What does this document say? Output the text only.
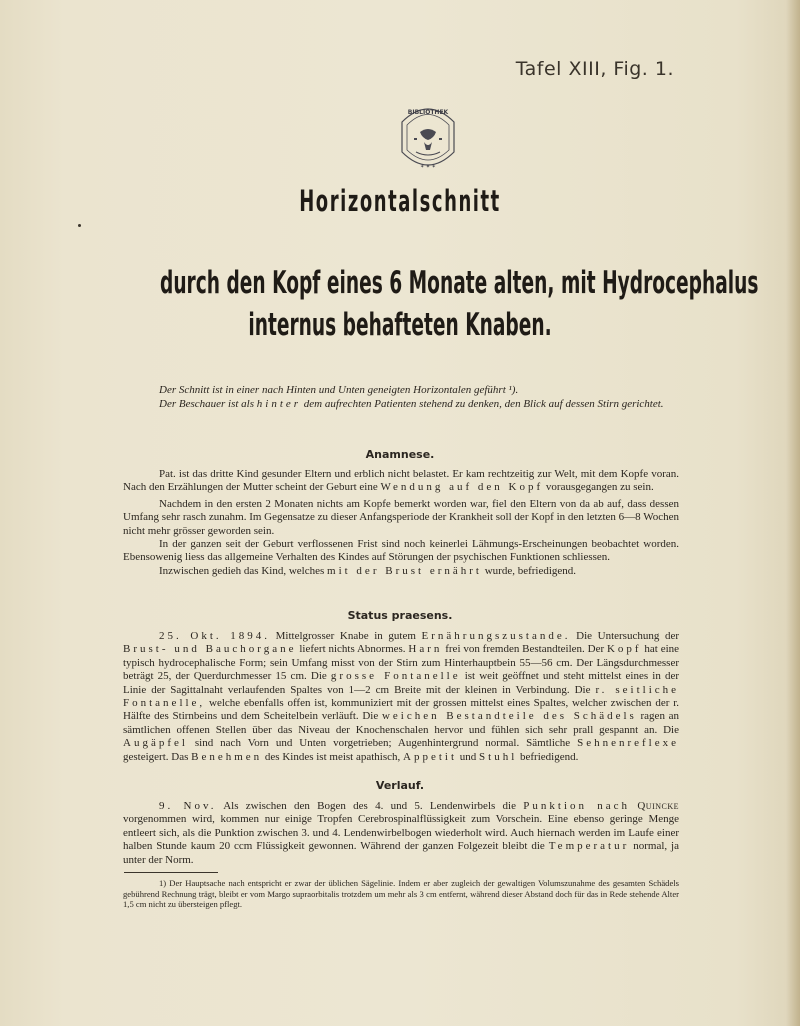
Tafel XIII, Fig. 1.
BIBLIOTHEK
✶ ✶ ✶
Horizontalschnitt
durch den Kopf eines 6 Monate alten, mit Hydrocephalus
internus behafteten Knaben.

Der Schnitt ist in einer nach Hinten und Unten geneigten Horizontalen geführt ¹).

Der Beschauer ist als hinter dem aufrechten Patienten stehend zu denken, den Blick auf dessen Stirn gerichtet.

Anamnese.

Pat. ist das dritte Kind gesunder Eltern und erblich nicht belastet. Er kam rechtzeitig zur Welt, mit dem Kopfe voran. Nach den Erzählungen der Mutter scheint der Geburt eine Wendung auf den Kopf vorausgegangen zu sein.

Nachdem in den ersten 2 Monaten nichts am Kopfe bemerkt worden war, fiel den Eltern von da ab auf, dass dessen Umfang sehr rasch zunahm. Im Gegensatze zu dieser Anfangsperiode der Krankheit soll der Kopf in den letzten 6—8 Wochen nicht mehr grösser geworden sein.

In der ganzen seit der Geburt verflossenen Frist sind noch keinerlei Lähmungs-Erscheinungen beobachtet worden. Ebensowenig liess das allgemeine Verhalten des Kindes auf Störungen der psychischen Funktionen schliessen.

Inzwischen gedieh das Kind, welches mit der Brust ernährt wurde, befriedigend.

Status praesens.

25. Okt. 1894. Mittelgrosser Knabe in gutem Ernährungszustande. Die Untersuchung der Brust- und Bauchorgane liefert nichts Abnormes. Harn frei von fremden Bestandteilen. Der Kopf hat eine typisch hydrocephalische Form; sein Umfang misst von der Stirn zum Hinterhauptbein 55—56 cm. Der Längsdurchmesser beträgt 25, der Querdurchmesser 15 cm. Die grosse Fontanelle ist weit geöffnet und steht mittelst eines in der Linie der Sagittalnaht verlaufenden Spaltes von 1—2 cm Breite mit der kleinen in Verbindung. Die r. seitliche Fontanelle, welche ebenfalls offen ist, kommuniziert mit der grossen mittelst eines Spaltes, welcher zwischen der r. Hälfte des Stirnbeins und dem Scheitelbein verläuft. Die weichen Bestandteile des Schädels ragen an sämtlichen offenen Stellen über das Niveau der Knochenschalen hervor und fühlen sich sehr prall gespannt an. Die Augäpfel sind nach Vorn und Unten vorgetrieben; Augenhintergrund normal. Sämtliche Sehnenreflexe gesteigert. Das Benehmen des Kindes ist meist apathisch, Appetit und Stuhl befriedigend.

Verlauf.

9. Nov. Als zwischen den Bogen des 4. und 5. Lendenwirbels die Punktion nach Quincke vorgenommen wird, kommen nur einige Tropfen Cerebrospinalflüssigkeit zum Vorschein. Eine ebenso geringe Menge entleert sich, als die Punktion zwischen 3. und 4. Lendenwirbelbogen wiederholt wird. Auch hiernach werden im Laufe einer halben Stunde kaum 20 ccm Flüssigkeit gewonnen. Während der ganzen Folgezeit bleibt die Temperatur normal, ja unter der Norm.

1) Der Hauptsache nach entspricht er zwar der üblichen Sägelinie. Indem er aber zugleich der gewaltigen Volumszunahme des gesamten Schädels gebührend Rechnung trägt, bleibt er vom Margo supraorbitalis trotzdem um mehr als 3 cm entfernt, während dieser Abstand doch für das in Rede stehende Alter 1,5 cm nicht zu übersteigen pflegt.
